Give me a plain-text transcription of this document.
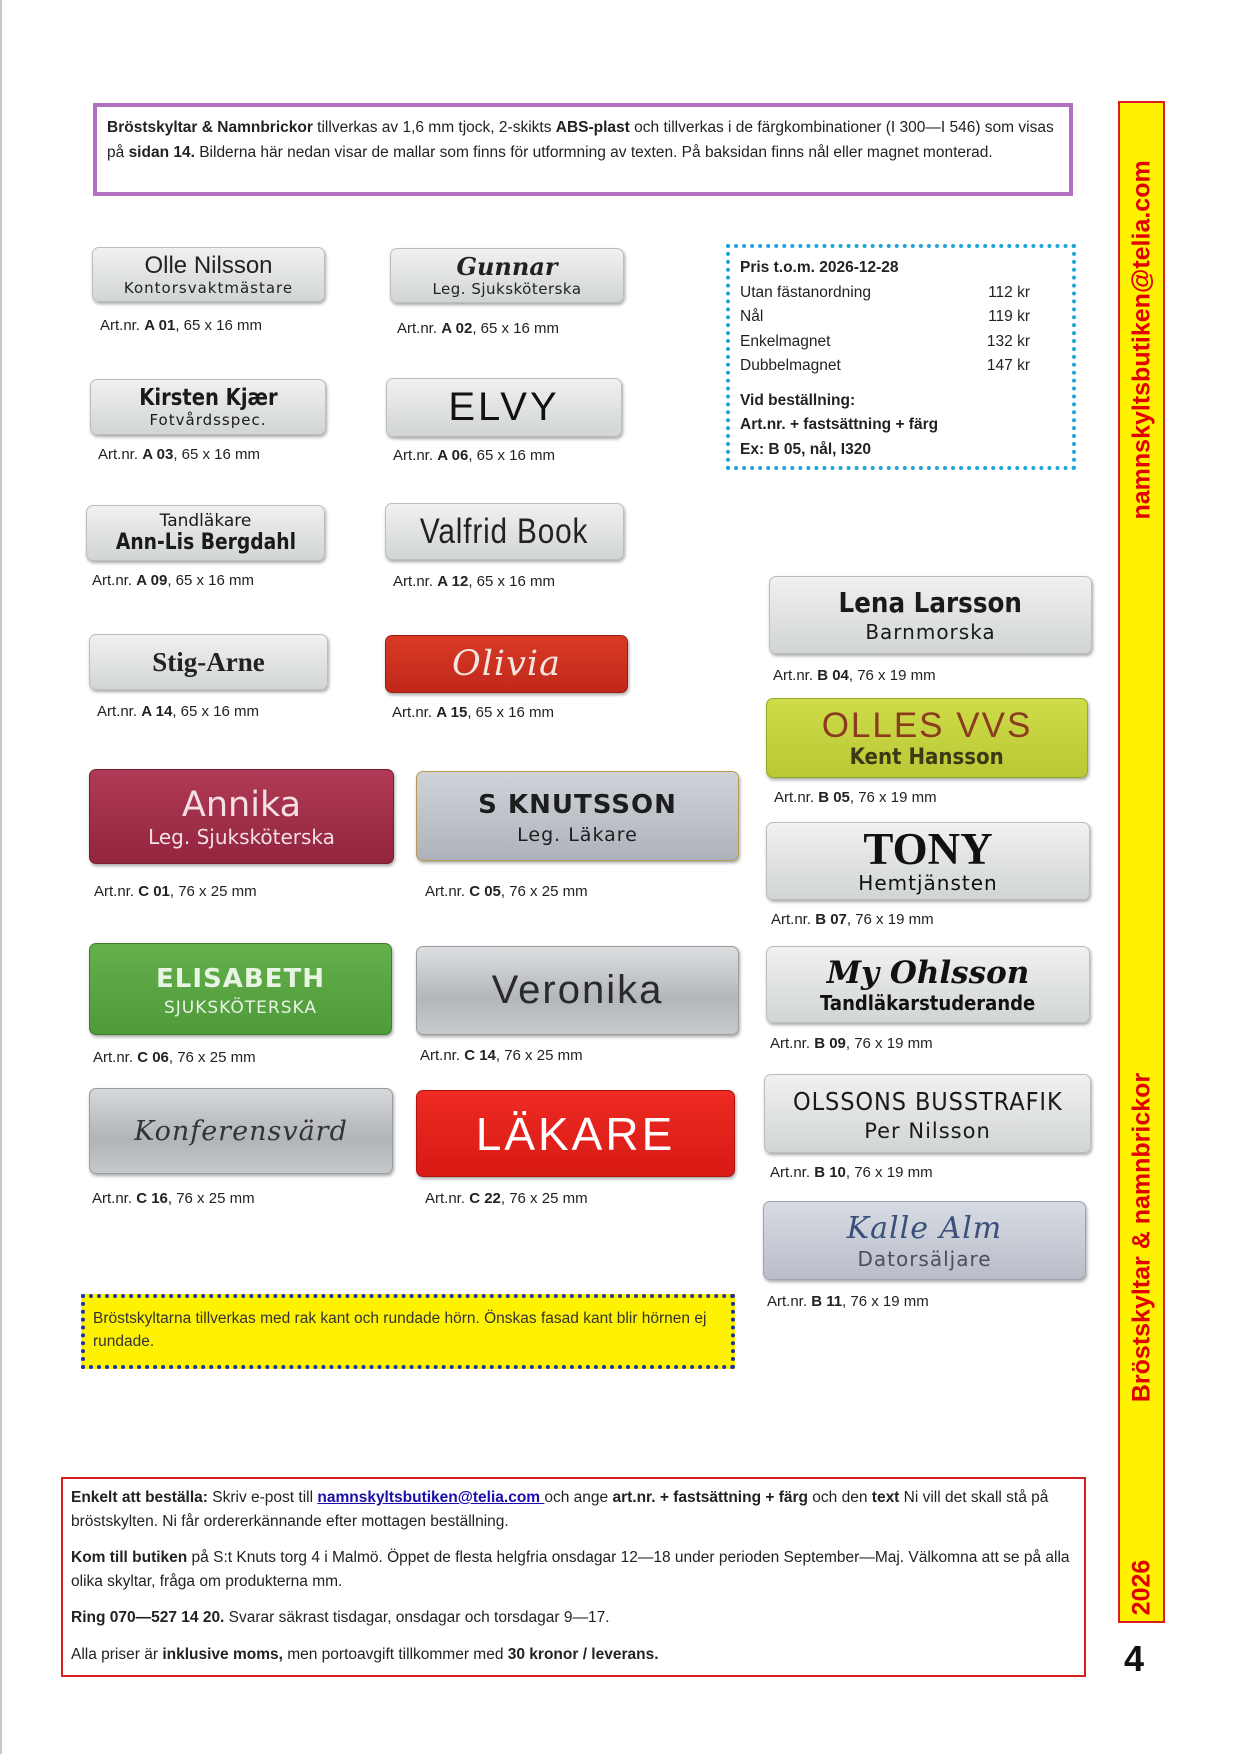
Bröstskyltar & Namnbrickor tillverkas av 1,6 mm tjock, 2-skikts ABS-plast och tillverkas i de färgkombinationer (I 300—I 546) som visas på sidan 14. Bilderna här nedan visar de mallar som finns för utformning av texten. På baksidan finns nål eller magnet monterad.
Pris t.o.m. 2026-12-28
Utan fästanordning	112 kr
Nål	119 kr
Enkelmagnet	132 kr
Dubbelmagnet	147 kr
Vid beställning:
Art.nr. + fastsättning + färg
Ex: B 05, nål, I320
Olle Nilsson
Kontorsvaktmästare
Art.nr. A 01, 65 x 16 mm
Kirsten Kjær
Fotvårdsspec.
Art.nr. A 03, 65 x 16 mm
Tandläkare
Ann-Lis Bergdahl
Art.nr. A 09, 65 x 16 mm
Stig-Arne
Art.nr. A 14, 65 x 16 mm
Gunnar
Leg. Sjuksköterska
Art.nr. A 02, 65 x 16 mm
ELVY
Art.nr. A 06, 65 x 16 mm
Valfrid Book
Art.nr. A 12, 65 x 16 mm
Olivia
Art.nr. A 15, 65 x 16 mm
Annika
Leg. Sjuksköterska
Art.nr. C 01, 76 x 25 mm
S KNUTSSON
Leg. Läkare
Art.nr. C 05, 76 x 25 mm
ELISABETH
SJUKSKÖTERSKA
Art.nr. C 06, 76 x 25 mm
Veronika
Art.nr. C 14, 76 x 25 mm
Konferensvärd
Art.nr. C 16, 76 x 25 mm
LÄKARE
Art.nr. C 22, 76 x 25 mm
Lena Larsson
Barnmorska
Art.nr. B 04, 76 x 19 mm
OLLES VVS
Kent Hansson
Art.nr. B 05, 76 x 19 mm
TONY
Hemtjänsten
Art.nr. B 07, 76 x 19 mm
My Ohlsson
Tandläkarstuderande
Art.nr. B 09, 76 x 19 mm
OLSSONS BUSSTRAFIK
Per Nilsson
Art.nr. B 10, 76 x 19 mm
Kalle Alm
Datorsäljare
Art.nr. B 11, 76 x 19 mm
Bröstskyltarna tillverkas med rak kant och rundade hörn. Önskas fasad kant blir hörnen ej rundade.

Enkelt att beställa: Skriv e-post till namnskyltsbutiken@telia.com och ange art.nr. + fastsättning + färg och den text Ni vill det skall stå på bröstskylten. Ni får ordererkännande efter mottagen beställning.

Kom till butiken på S:t Knuts torg 4 i Malmö. Öppet de flesta helgfria onsdagar 12—18 under perioden September—Maj. Välkomna att se på alla olika skyltar, fråga om produkterna mm.

Ring 070—527 14 20. Svarar säkrast tisdagar, onsdagar och torsdagar 9—17.

Alla priser är inklusive moms, men portoavgift tillkommer med 30 kronor / leverans.

namnskyltsbutiken@telia.com
Bröstskyltar & namnbrickor
2026
4
